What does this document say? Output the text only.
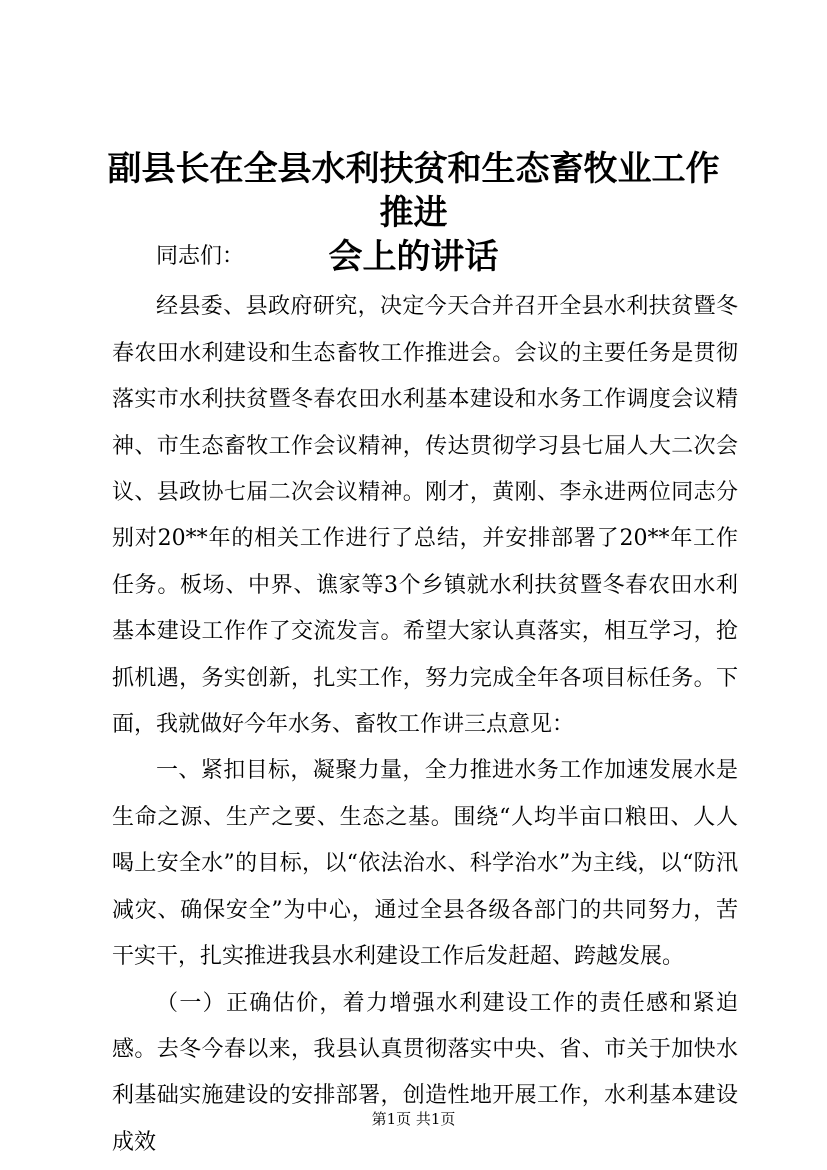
副县长在全县水利扶贫和生态畜牧业工作推进
会上的讲话

同志们：

经县委、县政府研究，决定今天合并召开全县水利扶贫暨冬春农田水利建设和生态畜牧工作推进会。会议的主要任务是贯彻落实市水利扶贫暨冬春农田水利基本建设和水务工作调度会议精神、市生态畜牧工作会议精神，传达贯彻学习县七届人大二次会议、县政协七届二次会议精神。刚才，黄刚、李永进两位同志分别对20**年的相关工作进行了总结，并安排部署了20**年工作任务。板场、中界、谯家等3个乡镇就水利扶贫暨冬春农田水利基本建设工作作了交流发言。希望大家认真落实，相互学习，抢抓机遇，务实创新，扎实工作，努力完成全年各项目标任务。下面，我就做好今年水务、畜牧工作讲三点意见：

一、紧扣目标，凝聚力量，全力推进水务工作加速发展水是生命之源、生产之要、生态之基。围绕“人均半亩口粮田、人人喝上安全水”的目标，以“依法治水、科学治水”为主线，以“防汛减灾、确保安全”为中心，通过全县各级各部门的共同努力，苦干实干，扎实推进我县水利建设工作后发赶超、跨越发展。

（一）正确估价，着力增强水利建设工作的责任感和紧迫感。去冬今春以来，我县认真贯彻落实中央、省、市关于加快水利基础实施建设的安排部署，创造性地开展工作，水利基本建设成效

第1页 共1页
